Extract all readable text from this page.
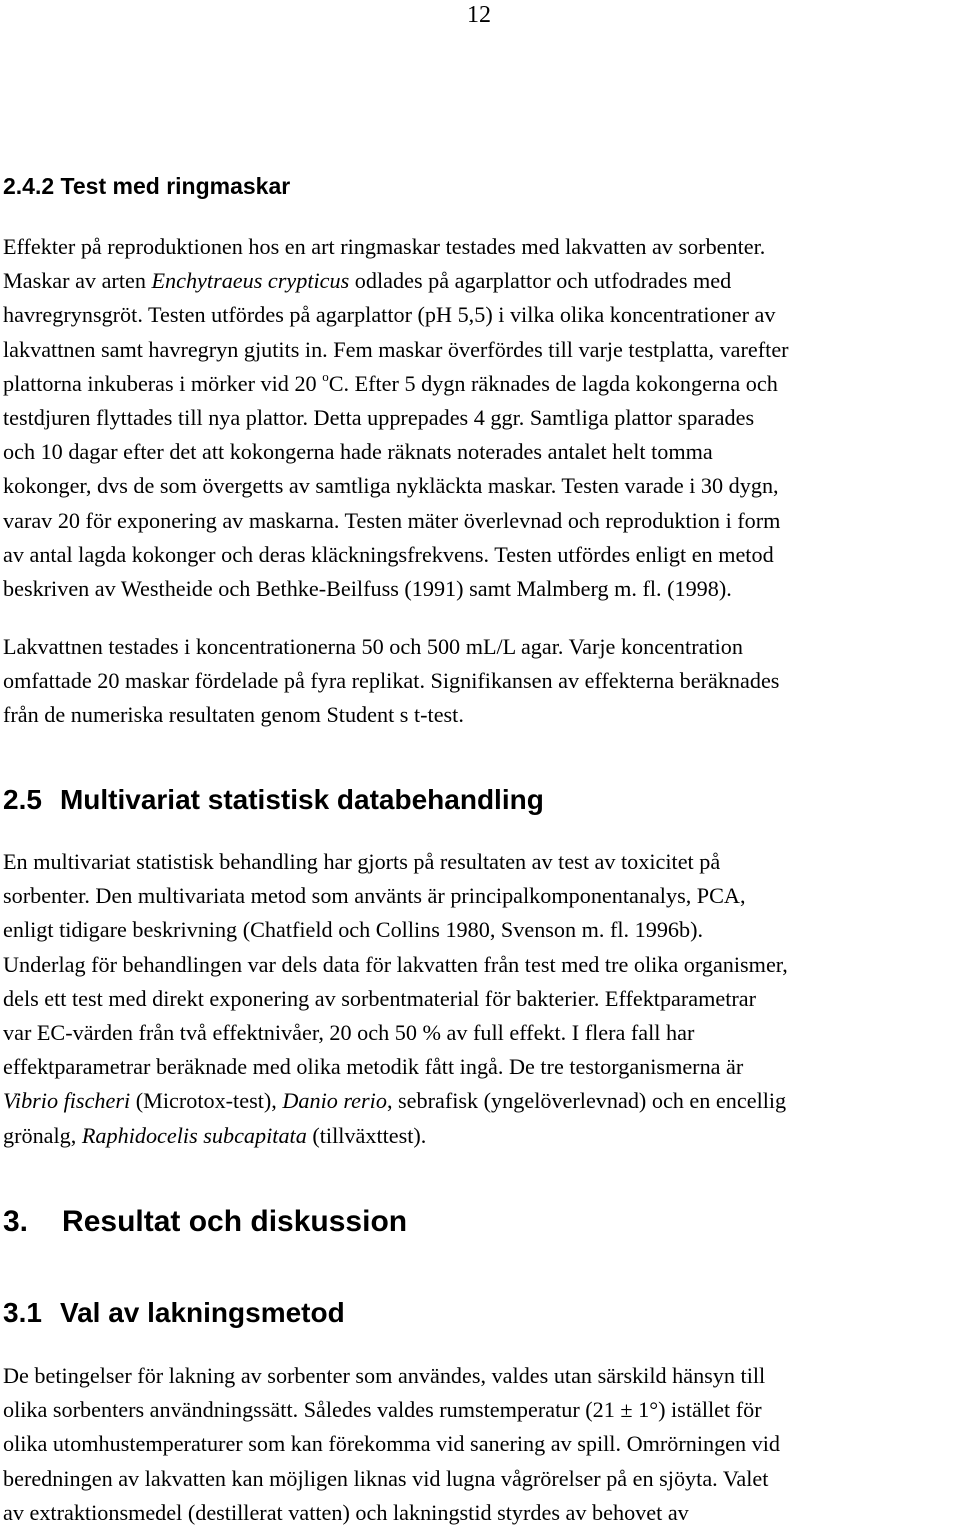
12
2.4.2 Test med ringmaskar
Effekter på reproduktionen hos en art ringmaskar testades med lakvatten av sorbenter.
Maskar av arten Enchytraeus crypticus odlades på agarplattor och utfodrades med
havregrynsgröt. Testen utfördes på agarplattor (pH 5,5) i vilka olika koncentrationer av
lakvattnen samt havregryn gjutits in. Fem maskar överfördes till varje testplatta, varefter
plattorna inkuberas i mörker vid 20 $^o$C. Efter 5 dygn räknades de lagda kokongerna och
testdjuren flyttades till nya plattor. Detta upprepades 4 ggr. Samtliga plattor sparades
och 10 dagar efter det att kokongerna hade räknats noterades antalet helt tomma
kokonger, dvs de som övergetts av samtliga nykläckta maskar. Testen varade i 30 dygn,
varav 20 för exponering av maskarna. Testen mäter överlevnad och reproduktion i form
av antal lagda kokonger och deras kläckningsfrekvens. Testen utfördes enligt en metod
beskriven av Westheide och Bethke-Beilfuss (1991) samt Malmberg m. fl. (1998).
Lakvattnen testades i koncentrationerna 50 och 500 mL/L agar. Varje koncentration
omfattade 20 maskar fördelade på fyra replikat. Signifikansen av effekterna beräknades
från de numeriska resultaten genom Student s t-test.
2.5 Multivariat statistisk databehandling
En multivariat statistisk behandling har gjorts på resultaten av test av toxicitet på
sorbenter. Den multivariata metod som använts är principalkomponentanalys, PCA,
enligt tidigare beskrivning (Chatfield och Collins 1980, Svenson m. fl. 1996b).
Underlag för behandlingen var dels data för lakvatten från test med tre olika organismer,
dels ett test med direkt exponering av sorbentmaterial för bakterier. Effektparametrar
var EC-värden från två effektnivåer, 20 och 50 % av full effekt. I flera fall har
effektparametrar beräknade med olika metodik fått ingå. De tre testorganismerna är
Vibrio fischeri (Microtox-test), Danio rerio, sebrafisk (yngelöverlevnad) och en encellig
grönalg, Raphidocelis subcapitata (tillväxttest).
3. Resultat och diskussion
3.1 Val av lakningsmetod
De betingelser för lakning av sorbenter som användes, valdes utan särskild hänsyn till
olika sorbenters användningssätt. Således valdes rumstemperatur (21 ± 1°) istället för
olika utomhustemperaturer som kan förekomma vid sanering av spill. Omrörningen vid
beredningen av lakvatten kan möjligen liknas vid lugna vågrörelser på en sjöyta. Valet
av extraktionsmedel (destillerat vatten) och lakningstid styrdes av behovet av
